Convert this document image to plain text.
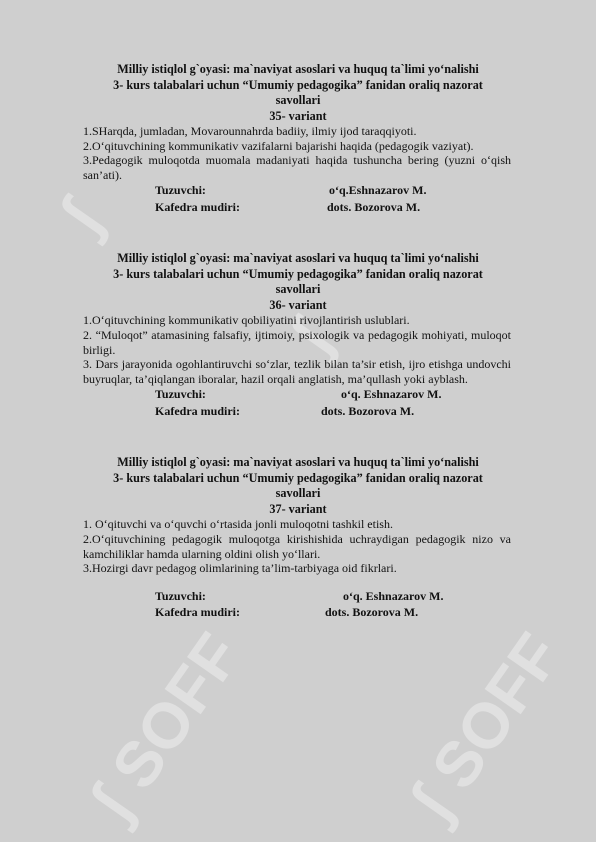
ʃ
ʃ
ʃ SOFF ʃ SOFF
Milliy istiqlol g`oyasi: ma`naviyat asoslari va huquq ta`limi yo‘nalishi
3- kurs talabalari uchun “Umumiy pedagogika” fanidan oraliq nazorat
savollari
35- variant
1.SHarqda, jumladan, Movarounnahrda badiiy, ilmiy ijod taraqqiyoti.
2.O‘qituvchining kommunikativ vazifalarni bajarishi haqida (pedagogik vaziyat).
3.Pedagogik muloqotda muomala madaniyati haqida tushuncha bering (yuzni o‘qish san’ati).
Tuzuvchi:	o‘q.Eshnazarov M.
Kafedra mudiri:	dots. Bozorova M.
Milliy istiqlol g`oyasi: ma`naviyat asoslari va huquq ta`limi yo‘nalishi
3- kurs talabalari uchun “Umumiy pedagogika” fanidan oraliq nazorat
savollari
36- variant
1.O‘qituvchining kommunikativ qobiliyatini rivojlantirish uslublari.
2. “Muloqot” atamasining falsafiy, ijtimoiy, psixologik va pedagogik mohiyati, muloqot birligi.
3. Dars jarayonida ogohlantiruvchi so‘zlar, tezlik bilan ta’sir etish, ijro etishga undovchi buyruqlar, ta’qiqlangan iboralar, hazil orqali anglatish, ma’qullash yoki ayblash.
Tuzuvchi:	o‘q. Eshnazarov M.
Kafedra mudiri:	dots. Bozorova M.
Milliy istiqlol g`oyasi: ma`naviyat asoslari va huquq ta`limi yo‘nalishi
3- kurs talabalari uchun “Umumiy pedagogika” fanidan oraliq nazorat
savollari
37- variant
1. O‘qituvchi va o‘quvchi o‘rtasida jonli muloqotni tashkil etish.
2.O‘qituvchining pedagogik muloqotga kirishishida uchraydigan pedagogik nizo va kamchiliklar hamda ularning oldini olish yo‘llari.
3.Hozirgi davr pedagog olimlarining ta’lim-tarbiyaga oid fikrlari.
Tuzuvchi:	o‘q. Eshnazarov M.
Kafedra mudiri:	dots. Bozorova M.
